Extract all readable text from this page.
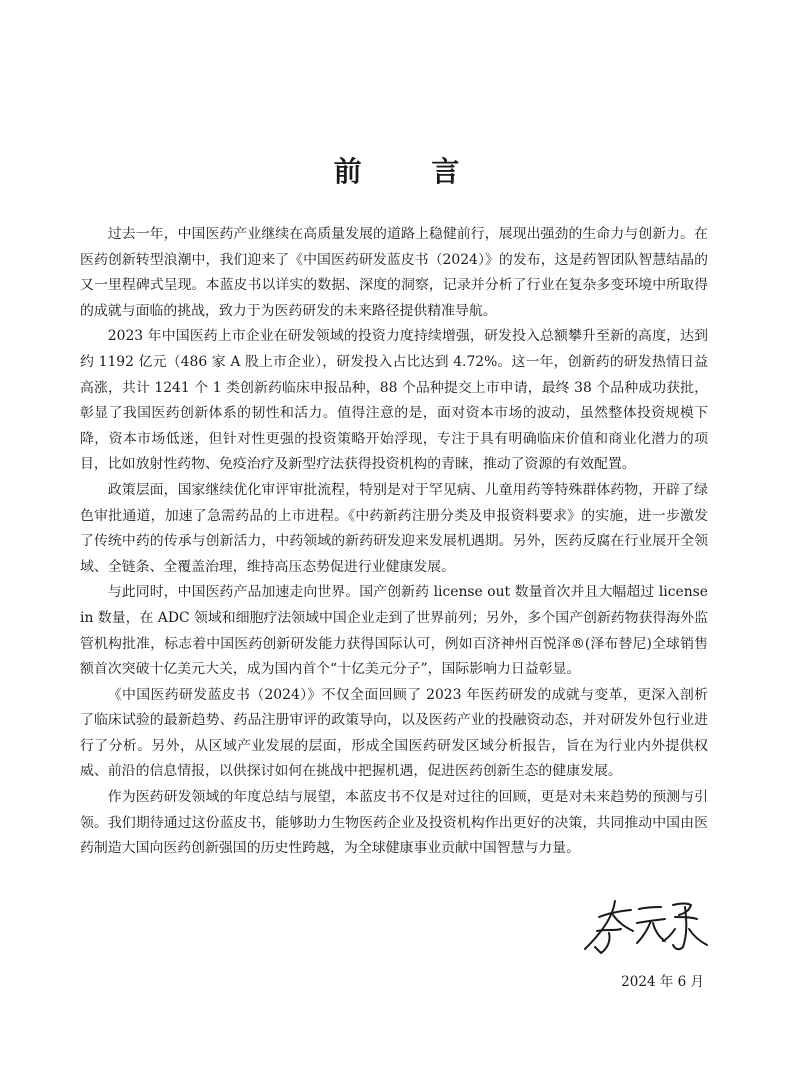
前 言

过去一年，中国医药产业继续在高质量发展的道路上稳健前行，展现出强劲的生命力与创新力。在医药创新转型浪潮中，我们迎来了《中国医药研发蓝皮书（2024）》的发布，这是药智团队智慧结晶的又一里程碑式呈现。本蓝皮书以详实的数据、深度的洞察，记录并分析了行业在复杂多变环境中所取得的成就与面临的挑战，致力于为医药研发的未来路径提供精准导航。

2023 年中国医药上市企业在研发领域的投资力度持续增强，研发投入总额攀升至新的高度，达到约 1192 亿元（486 家 A 股上市企业），研发投入占比达到 4.72%。这一年，创新药的研发热情日益高涨，共计 1241 个 1 类创新药临床申报品种，88 个品种提交上市申请，最终 38 个品种成功获批，彰显了我国医药创新体系的韧性和活力。值得注意的是，面对资本市场的波动，虽然整体投资规模下降，资本市场低迷，但针对性更强的投资策略开始浮现，专注于具有明确临床价值和商业化潜力的项目，比如放射性药物、免疫治疗及新型疗法获得投资机构的青睐，推动了资源的有效配置。

政策层面，国家继续优化审评审批流程，特别是对于罕见病、儿童用药等特殊群体药物，开辟了绿色审批通道，加速了急需药品的上市进程。《中药新药注册分类及申报资料要求》的实施，进一步激发了传统中药的传承与创新活力，中药领域的新药研发迎来发展机遇期。另外，医药反腐在行业展开全领域、全链条、全覆盖治理，维持高压态势促进行业健康发展。

与此同时，中国医药产品加速走向世界。国产创新药 license out 数量首次并且大幅超过 license in 数量，在 ADC 领域和细胞疗法领域中国企业走到了世界前列；另外，多个国产创新药物获得海外监管机构批准，标志着中国医药创新研发能力获得国际认可，例如百济神州百悦泽®(泽布替尼)全球销售额首次突破十亿美元大关，成为国内首个“十亿美元分子”，国际影响力日益彰显。

《中国医药研发蓝皮书（2024）》不仅全面回顾了 2023 年医药研发的成就与变革，更深入剖析了临床试验的最新趋势、药品注册审评的政策导向，以及医药产业的投融资动态，并对研发外包行业进行了分析。另外，从区域产业发展的层面，形成全国医药研发区域分析报告，旨在为行业内外提供权威、前沿的信息情报，以供探讨如何在挑战中把握机遇，促进医药创新生态的健康发展。

作为医药研发领域的年度总结与展望，本蓝皮书不仅是对过往的回顾，更是对未来趋势的预测与引领。我们期待通过这份蓝皮书，能够助力生物医药企业及投资机构作出更好的决策，共同推动中国由医药制造大国向医药创新强国的历史性跨越，为全球健康事业贡献中国智慧与力量。

2024 年 6 月
